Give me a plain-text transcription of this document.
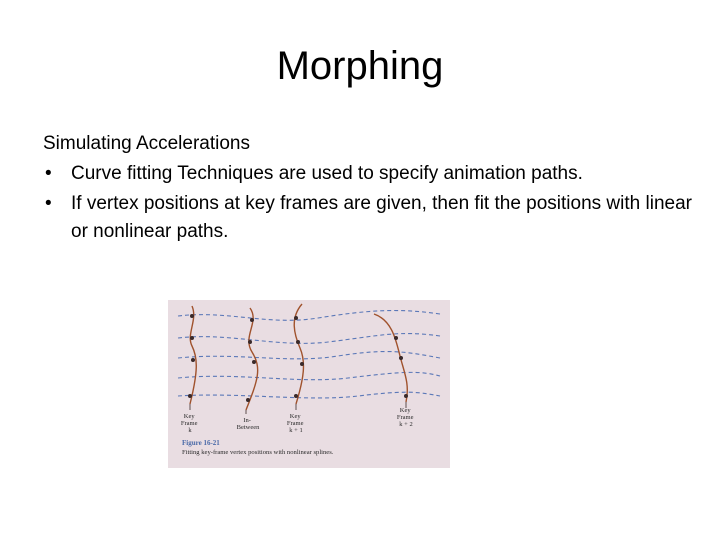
Morphing
Simulating Accelerations
• Curve fitting Techniques are used to specify animation paths.
• If vertex positions at key frames are given, then fit the positions with linear or nonlinear paths.
Key Frame k
In- Between
Key Frame k + 1
Key Frame k + 2
Figure 16-21
Fitting key-frame vertex positions with nonlinear splines.
